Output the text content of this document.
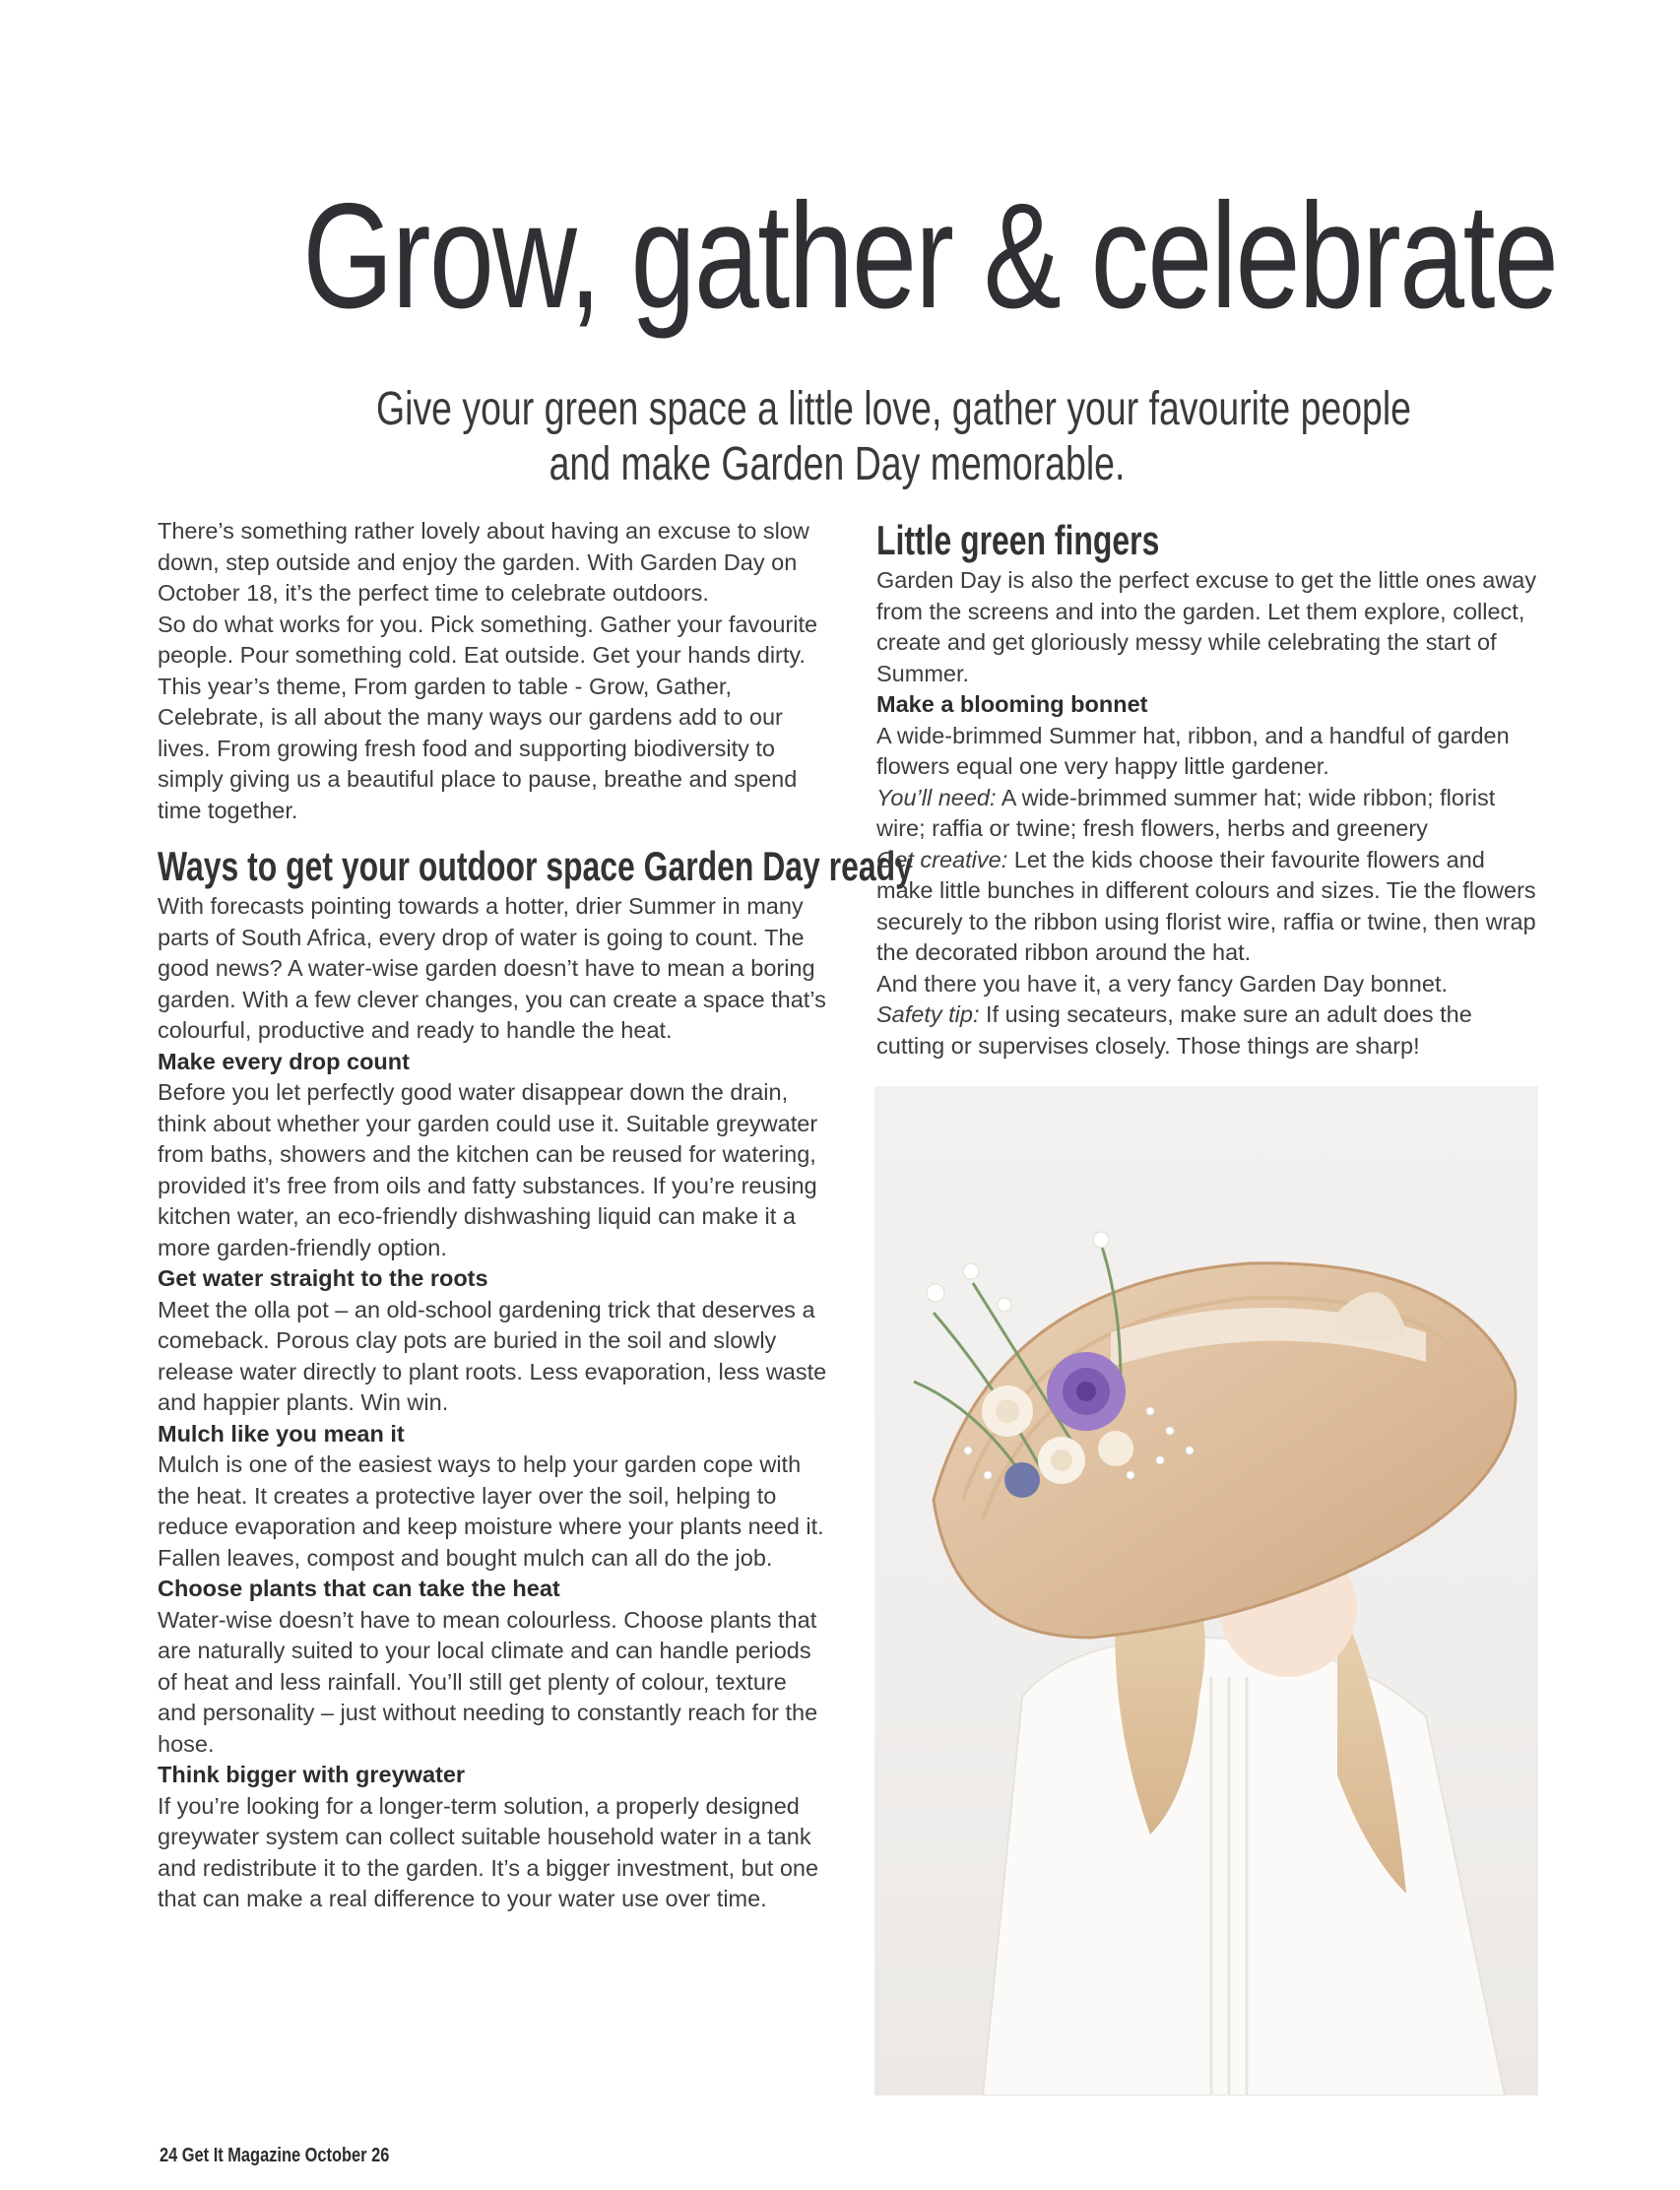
Grow, gather & celebrate
Give your green space a little love, gather your favourite people
and make Garden Day memorable.

There’s something rather lovely about having an excuse to slow down, step outside and enjoy the garden. With Garden Day on October 18, it’s the perfect time to celebrate outdoors.

So do what works for you. Pick something. Gather your favourite people. Pour something cold. Eat outside. Get your hands dirty.

This year’s theme, From garden to table - Grow, Gather, Celebrate, is all about the many ways our gardens add to our lives. From growing fresh food and supporting biodiversity to simply giving us a beautiful place to pause, breathe and spend time together.

Ways to get your outdoor space Garden Day ready

With forecasts pointing towards a hotter, drier Summer in many parts of South Africa, every drop of water is going to count. The good news? A water-wise garden doesn’t have to mean a boring garden. With a few clever changes, you can create a space that’s colourful, productive and ready to handle the heat.

Make every drop count

Before you let perfectly good water disappear down the drain, think about whether your garden could use it. Suitable greywater from baths, showers and the kitchen can be reused for watering, provided it’s free from oils and fatty substances. If you’re reusing kitchen water, an eco-friendly dishwashing liquid can make it a more garden-friendly option.

Get water straight to the roots

Meet the olla pot – an old-school gardening trick that deserves a comeback. Porous clay pots are buried in the soil and slowly release water directly to plant roots. Less evaporation, less waste and happier plants. Win win.

Mulch like you mean it

Mulch is one of the easiest ways to help your garden cope with the heat. It creates a protective layer over the soil, helping to reduce evaporation and keep moisture where your plants need it. Fallen leaves, compost and bought mulch can all do the job.

Choose plants that can take the heat

Water-wise doesn’t have to mean colourless. Choose plants that are naturally suited to your local climate and can handle periods of heat and less rainfall. You’ll still get plenty of colour, texture and personality – just without needing to constantly reach for the hose.

Think bigger with greywater

If you’re looking for a longer-term solution, a properly designed greywater system can collect suitable household water in a tank and redistribute it to the garden. It’s a bigger investment, but one that can make a real difference to your water use over time.

Little green fingers

Garden Day is also the perfect excuse to get the little ones away from the screens and into the garden. Let them explore, collect, create and get gloriously messy while celebrating the start of Summer.

Make a blooming bonnet

A wide-brimmed Summer hat, ribbon, and a handful of garden flowers equal one very happy little gardener.

You’ll need: A wide-brimmed summer hat; wide ribbon; florist wire; raffia or twine; fresh flowers, herbs and greenery

Get creative: Let the kids choose their favourite flowers and make little bunches in different colours and sizes. Tie the flowers securely to the ribbon using florist wire, raffia or twine, then wrap the decorated ribbon around the hat.

And there you have it, a very fancy Garden Day bonnet.

Safety tip: If using secateurs, make sure an adult does the cutting or supervises closely. Those things are sharp!

24 Get It Magazine October 26
